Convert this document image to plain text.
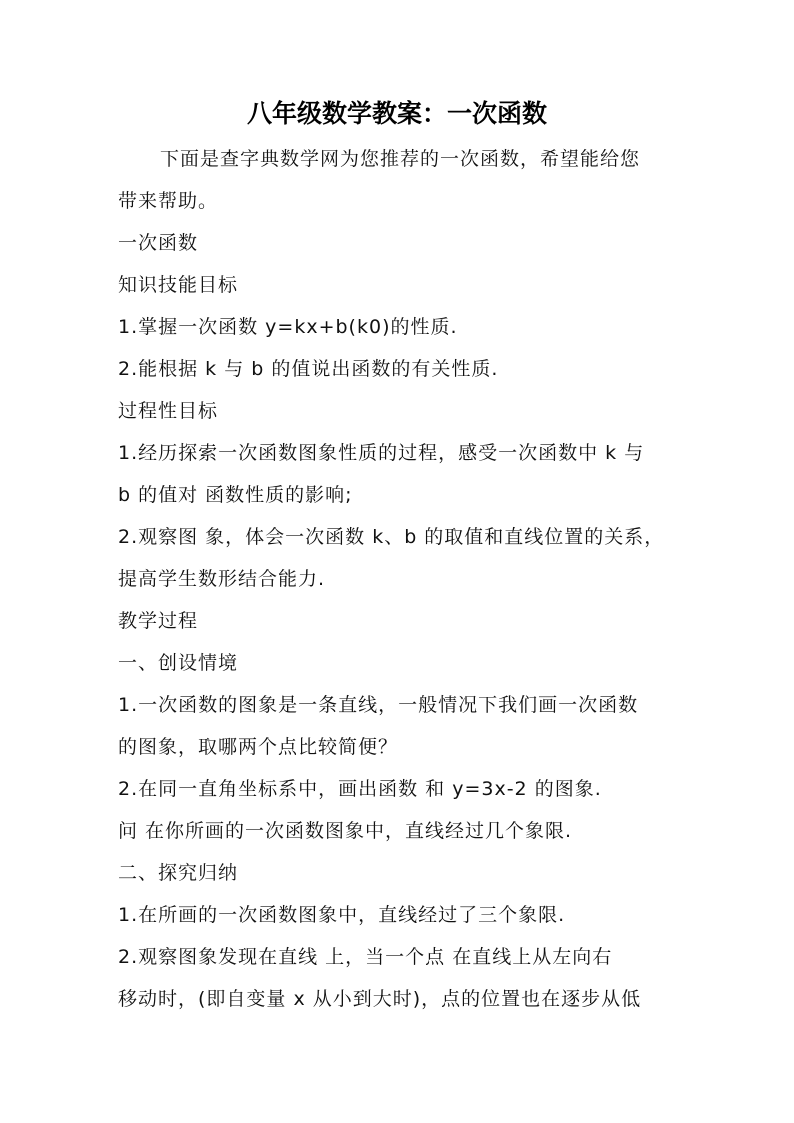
八年级数学教案：一次函数

下面是查字典数学网为您推荐的一次函数，希望能给您

带来帮助。

一次函数

知识技能目标

1.掌握一次函数 y=kx+b(k0)的性质.

2.能根据 k 与 b 的值说出函数的有关性质.

过程性目标

1.经历探索一次函数图象性质的过程，感受一次函数中 k 与

b 的值对 函数性质的影响;

2.观察图 象，体会一次函数 k、b 的取值和直线位置的关系，

提高学生数形结合能力.

教学过程

一、创设情境

1.一次函数的图象是一条直线，一般情况下我们画一次函数

的图象，取哪两个点比较简便？

2.在同一直角坐标系中，画出函数 和 y=3x-2 的图象.

问 在你所画的一次函数图象中，直线经过几个象限.

二、探究归纳

1.在所画的一次函数图象中，直线经过了三个象限.

2.观察图象发现在直线 上，当一个点 在直线上从左向右

移动时，(即自变量 x 从小到大时)，点的位置也在逐步从低
